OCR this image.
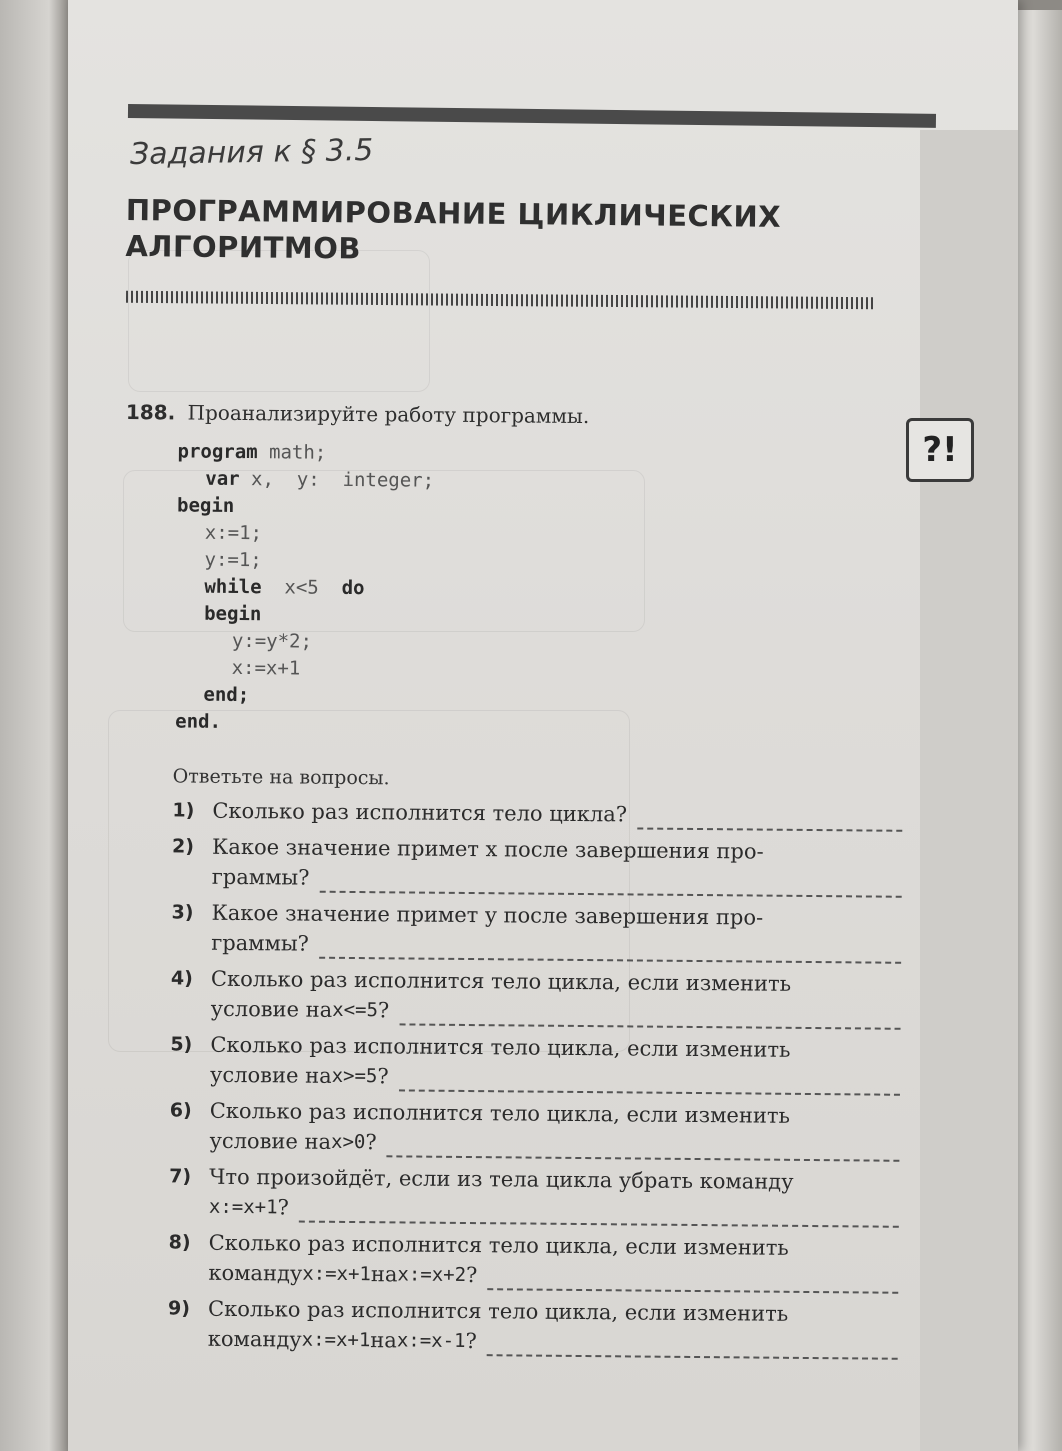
Задания к § 3.5
ПРОГРАММИРОВАНИЕ ЦИКЛИЧЕСКИХ
АЛГОРИТМОВ
?!
188. Проанализируйте работу программы.
program math;
var x,  y:  integer;
begin
x:=1;
y:=1;
while  x<5  do
begin
y:=y*2;
x:=x+1
end;
end.
Ответьте на вопросы.
1) Сколько раз исполнится тело цикла?
2) Какое значение примет x после завершения про-
граммы?
3) Какое значение примет y после завершения про-
граммы?
4) Сколько раз исполнится тело цикла, если изменить
условие на x<=5 ?
5) Сколько раз исполнится тело цикла, если изменить
условие на x>=5 ?
6) Сколько раз исполнится тело цикла, если изменить
условие на x>0 ?
7) Что произойдёт, если из тела цикла убрать команду
x:=x+1 ?
8) Сколько раз исполнится тело цикла, если изменить
команду x:=x+1 на x:=x+2 ?
9) Сколько раз исполнится тело цикла, если изменить
команду x:=x+1 на x:=x-1 ?
